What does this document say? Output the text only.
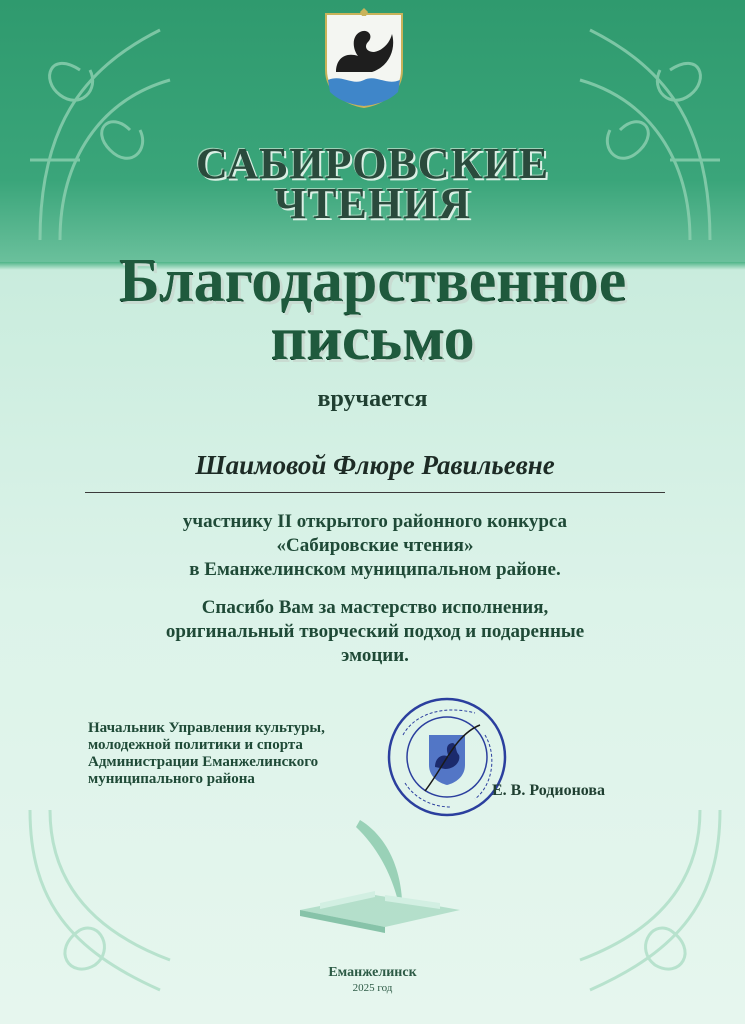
САБИРОВСКИЕ
ЧТЕНИЯ
Благодарственное
письмо
вручается
Шаимовой Флюре Равильевне
участнику II открытого районного конкурса
«Сабировские чтения»
в Еманжелинском муниципальном районе.
Спасибо Вам за мастерство исполнения,
оригинальный творческий подход и подаренные
эмоции.
Начальник Управления культуры,
молодежной политики и спорта
Администрации Еманжелинского
муниципального района
Е. В. Родионова
Еманжелинск
2025 год
